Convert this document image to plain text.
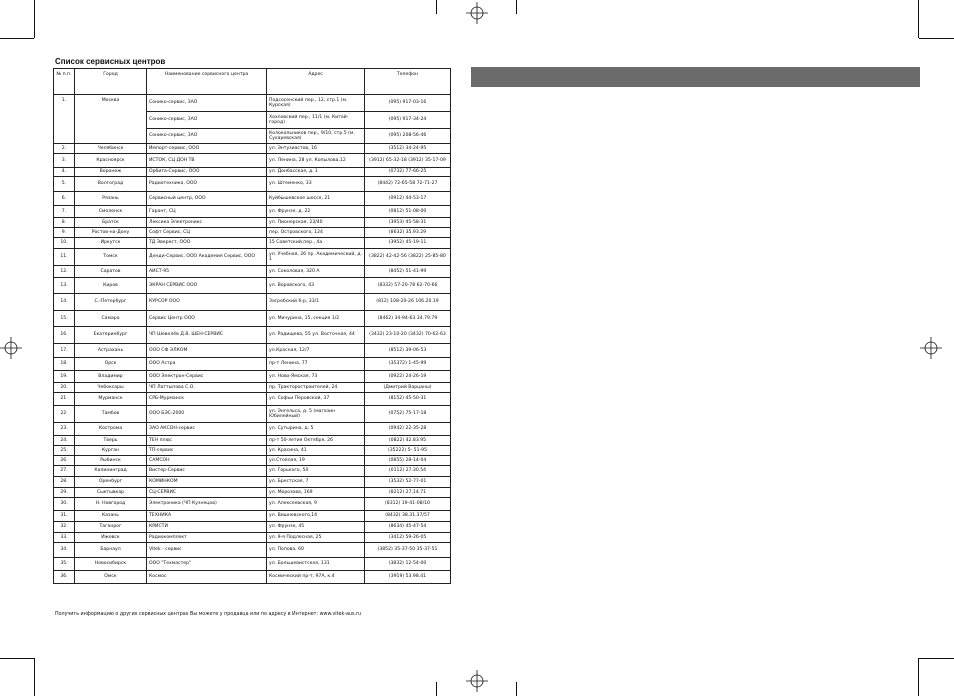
Список сервисных центров
№ п.п.	Город	Наименование сервисного центра	Адрес	Телефон
1.	Москва	Сонико-сервис, ЗАО	Подсосенский пер., 12, стр.1 (м. Курская)	(095) 917-03-16
		Сонико-сервис, ЗАО	Хохловский пер., 11/1 (м. Китай-город)	(095) 917-34-24
		Сонико-сервис, ЗАО	Колокольников пер., 9/10, стр.5 (м. Сухаревская)	(095) 208-56-46
2.	Челябинск	Импорт-сервис, ООО	ул. Энтузиастов, 16	(3512) 34-24-95
3.	Красноярск	ИСТОК, СЦ ДОН ТВ	ул. Ленина, 28 ул. Копылова,12	(3912) 65-32-18 (3912) 35-17-09
4.	Воронеж	Орбита-Сервис, ООО	ул. Донбасская, д. 1	(0732) 77-66-25
5.	Волгоград	Радиотехника, ООО	ул. Штеменко, 33	(8442) 72-65-58 72-71-27
6.	Рязань	Сервисный центр, ООО	Куйбышевское шоссе, 21	(0912) 44-53-17
7.	Смоленск	Гарант, СЦ	ул. Фрунзе, д. 22	(0812) 51-08-00
8.	Братск	Лексика Электроникс	ул. Пионерская, 23/40	(3953) 45-58-31
9.	Ростов-на-Дону	Софт Сервис, СЦ	пер. Островского, 124	(8632) 35.93.29
10.	Иркутск	ТД Эверест, ООО	15 Советский пер., 4а	(3952) 45-19-11
11.	Томск	Денди-Сервис, ООО Академия Сервис, ООО	ул. Учебная, 26 пр. Академический, д. 1	(3822) 42-42-56 (3822) 25-85-80
12.	Саратов	АИСТ-95	ул. Соколовая, 320 А	(8452) 51-41-99
13.	Киров	ЭКРАН СЕРВИС ООО	ул. Воровского, 43	(8332) 57-20-78 62-70-66
14.	С.-Петербург	КУРСОР ООО	Загребский б-р, 33/1	(812) 108-20-26 106.20.19
15.	Самара	Сервис Центр ООО	ул. Мичурина, 15, секция 1/2	(8462) 34-94-63 34.79.79
16.	Екатеринбург	ЧП Шевелёв Д.В. ШЕН-СЕРВИС	ул. Радищева, 55 ул. Восточная, 44	(3432) 23-10-20 (3432) 70-62-63
17.	Астрахань	ООО СФ ЭЛКОМ	ул.Красная, 12/7	(8512) 39-06-53
18.	Орск	ООО Астра	пр-т Ленина, 77	(35372) 1-45-99
19.	Владимир	ООО Электрон-Сервис	ул. Ново-Ямская, 73	(0922) 24-26-19
20.	Чебоксары	ЧП Латтыпова С.О.	пр. Тракторостроителей, 24	(Дмитрий Варцаны)
21.	Мурманск	СРБ-Мурманск	ул. Софьи Перовской, 37	(8152) 45-50-31
22.	Тамбов	ООО БЭС-2000	ул. Энгельса, д. 5 (магазин Юбилейный)	(0752) 75-17-18
23.	Кострома	ЗАО АКСОН-сервис	ул. Сутырина, д. 5	(0942) 22-35-28
24.	Тверь	ТЕН плюс	пр-т 50-летия Октября, 26	(0822) 42.83.95
25.	Курган	ТП-сервис	ул. Красина, 41	(35222) 5- 51-95
26.	Рыбинск	САМСОН	ул.Стоялая, 19	(0855) 28-14-04
27.	Калининград	Вистер-Сервис	ул. Горького, 50	(0112) 27.30.54
28.	Оренбург	КОМИНКОМ	ул. Брестская, 7	(3532) 52-77-01
29.	Сыктывкар	СЦ-СЕРВИС	ул. Морозова, 169	(8212) 27.14.71
30.	Н. Новгород	Электроника (ЧП Кузнецов)	ул. Алексеевская, 9	(8312) 19-41-08/10
31.	Казань	ТЕХНИКА	ул. Вишневского,14	(8432) 38.31.37/57
32.	Таганрог	КРИСТИ	ул. Фрунзе, 45	(8634) 45-47-54
33.	Ижевск	Радиокомплект	ул. 9-я Подлесная, 25	(3412) 59-26-05
34.	Барнаул	Vitek - сервис	ул. Попова, 60	(3852) 35-37-50 35-37-51
35.	Новосибирск	ООО "Техмастер"	ул. Большевистская, 131	(3832) 12-54-00
36.	Омск	Космос	Космический пр-т, 97А, к.4	(3919) 53.98.41
Получить информацию о других сервисных центрах Вы можете у продавца или по адресу в Интернет: www.vitek-aus.ru
